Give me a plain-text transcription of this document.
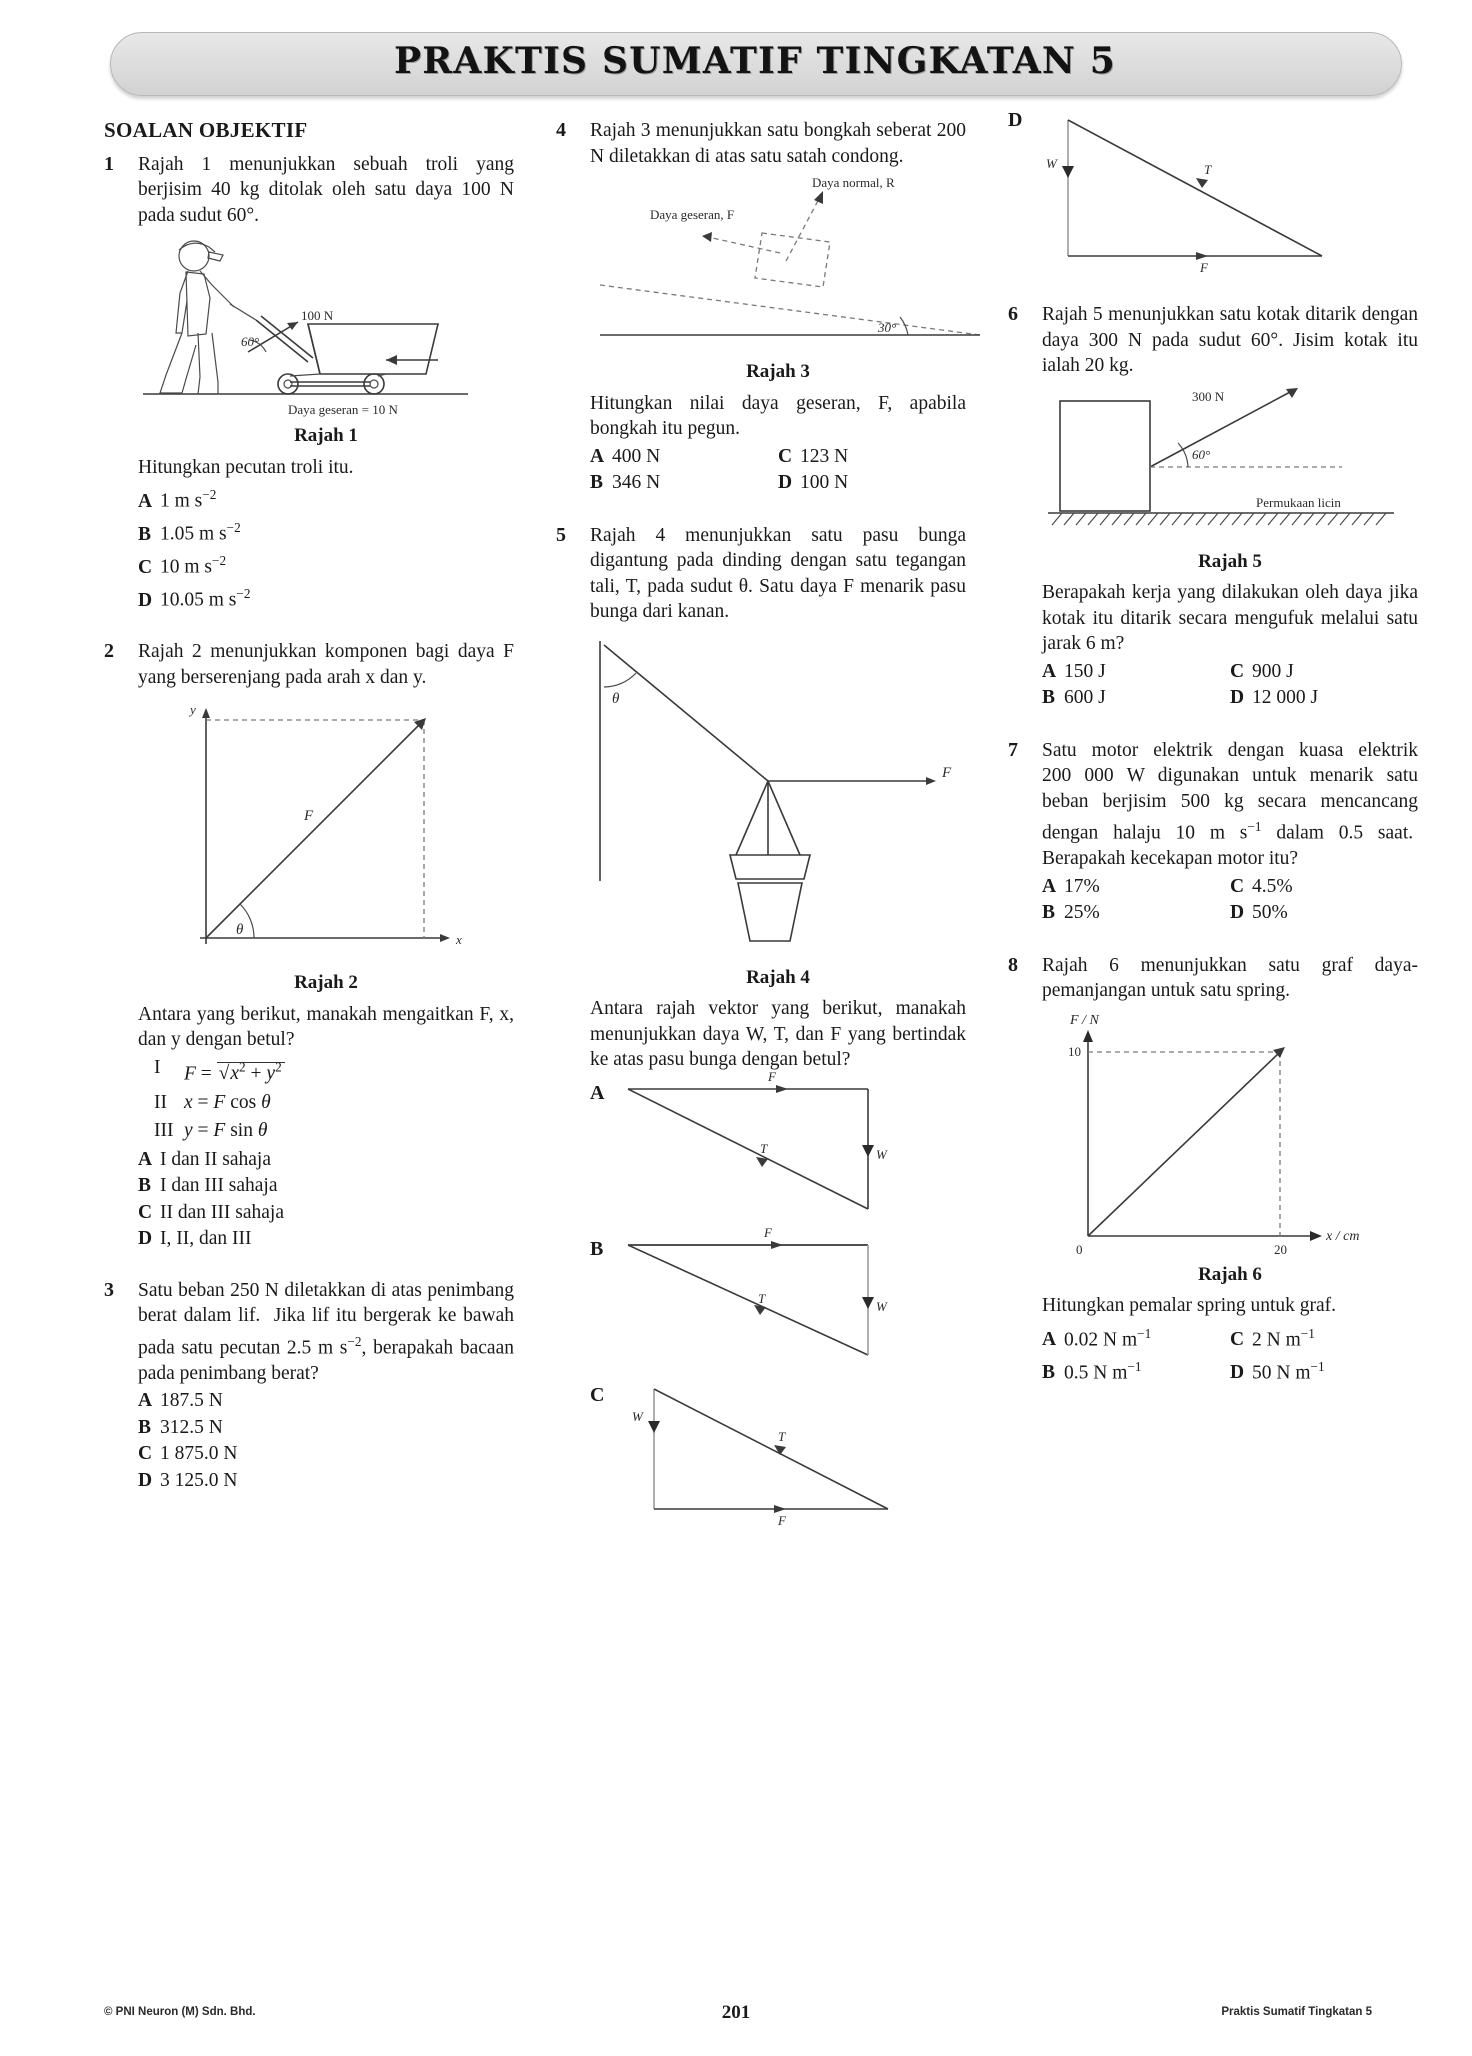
PRAKTIS SUMATIF TINGKATAN 5
SOALAN OBJEKTIF
1 Rajah 1 menunjukkan sebuah troli yang berjisim 40 kg ditolak oleh satu daya 100 N pada sudut 60°.
100 N
60°
Daya geseran = 10 N
Rajah 1
Hitungkan pecutan troli itu.
A 1 m $s^{-2}$
B 1.05 m $s^{-2}$
C 10 m $s^{-2}$
D 10.05 m $s^{-2}$
2 Rajah 2 menunjukkan komponen bagi daya F yang berserenjang pada arah x dan y.
y
x
F
θ
Rajah 2
Antara yang berikut, manakah mengaitkan F, x, dan y dengan betul?
I	$F = √x^2 + y^2$
II x = F cos θ
III y = F sin θ
A I dan II sahaja
B I dan III sahaja
C II dan III sahaja
D I, II, dan III
3 Satu beban 250 N diletakkan di atas penimbang berat dalam lif.  Jika lif itu bergerak ke bawah pada satu pecutan 2.5 m $s^{-2}$, berapakah bacaan pada penimbang berat?
A 187.5 N
B 312.5 N
C 1 875.0 N
D 3 125.0 N
4 Rajah 3 menunjukkan satu bongkah seberat 200 N diletakkan di atas satu satah condong.
Daya normal, R
Daya geseran, F
30°
Rajah 3
Hitungkan nilai daya geseran, F, apabila bongkah itu pegun.
A 400 N	C 123 N
B 346 N	D 100 N
5 Rajah 4 menunjukkan satu pasu bunga digantung pada dinding dengan satu tegangan tali, T, pada sudut θ. Satu daya F menarik pasu bunga dari kanan.
θ
F
Rajah 4
Antara rajah vektor yang berikut, manakah menunjukkan daya W, T, dan F yang bertindak ke atas pasu bunga dengan betul?
A
F
T	W
B
F
T
W
C
W
T
F
D
W	T
F
6 Rajah 5 menunjukkan satu kotak ditarik dengan daya 300 N pada sudut 60°. Jisim kotak itu ialah 20 kg.
300 N
60°
Permukaan licin
Rajah 5
Berapakah kerja yang dilakukan oleh daya jika kotak itu ditarik secara mengufuk melalui satu jarak 6 m?
A 150 J	C 900 J
B 600 J	D 12 000 J
7 Satu motor elektrik dengan kuasa elektrik 200 000 W digunakan untuk menarik satu beban berjisim 500 kg secara mencancang dengan halaju 10 m $s^{-1}$ dalam 0.5 saat.  Berapakah kecekapan motor itu?
A 17%	C 4.5%
B 25%	D 50%
8 Rajah 6 menunjukkan satu graf daya-pemanjangan untuk satu spring.
F / N
x / cm
10
20
0
Rajah 6
Hitungkan pemalar spring untuk graf.
A 0.02 N $m^{-1}$	C 2 N $m^{-1}$
B 0.5 N $m^{-1}$	D 50 N $m^{-1}$
© PNI Neuron (M) Sdn. Bhd.	201	Praktis Sumatif Tingkatan 5
